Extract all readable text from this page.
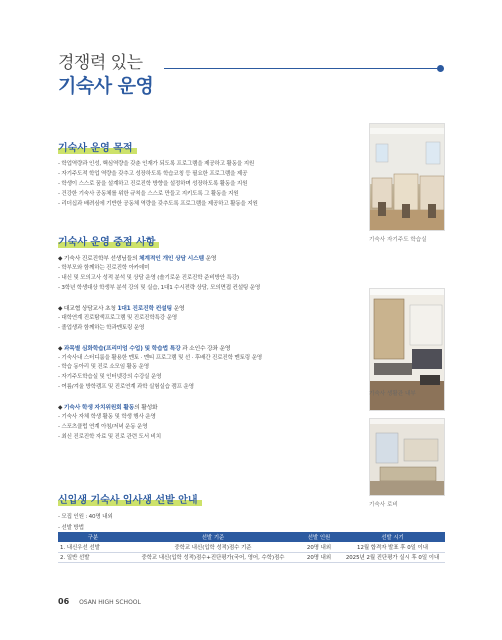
경쟁력 있는
기숙사 운영
기숙사 운영 목적
- 학업역량과 인성, 핵심역량을 갖춘 인재가 되도록 프로그램을 제공하고 활동을 지원
- 자기주도적 학업 역량을 갖추고 성장하도록 학습코칭 등 필요한 프로그램을 제공
- 학생이 스스로 꿈을 설계하고 진로진학 방향을 설정하며 성장하도록 활동을 지원
- 건강한 기숙사 공동체를 위한 규칙을 스스로 만들고 지키도록 그 활동을 지원
- 리더십과 배려심에 기반한 공동체 역량을 갖추도록 프로그램을 제공하고 활동을 지원
기숙사 운영 중점 사항
◆ 기숙사 진로진학부 선생님들의 체계적인 개인 상담 시스템 운영
- 학부모와 함께하는 진로진학 아카데미
- 내신 및 모의고사 성적 분석 및 상담 운영 (솔기로운 진로진학 준비방안 특강)
- 3학년 학생대상 학생부 분석 강의 및 실습, 1대1 수시전략 상담, 모의면접 컨설팅 운영
◆ 대교협 상담교사 초청 1대1 진로진학 컨설팅 운영
- 대학연계 진로탐색프로그램 및 진로진학특강 운영
- 졸업생과 함께하는 학과멘토링 운영
◆ 과목별 심화학습(프리미엄 수업) 및 학습법 특강 과 소인수 강좌 운영
- 기숙사내 스터디룸을 활용한 멘토 · 멘티 프로그램 및 선 · 후배간 진로진학 멘토링 운영
- 학습 동아리 및 진로 소모임 활동 운영
- 자기주도학습실 및 인터넷강의 수강실 운영
- 여름/겨울 방학캠프 및 진로연계 과학 실험실습 캠프 운영
◆ 기숙사 학생 자치위원회 활동의 활성화
- 기숙사 자체 학생 활동 및 학생 행사 운영
- 스포츠클럽 연계 아침/저녁 운동 운영
- 최신 진로진학 자료 및 진로 관련 도서 비치
신입생 기숙사 입사생 선발 안내
- 모집 인원 : 40명 내외
- 선발 방법
구분	선발 기준	선발 인원	선발 시기
1. 내신우선 선발	중학교 내신(입학 성적)점수 기준	20명 내외	12월 합격자 발표 후 0일 이내
2. 일반 선발	중학교 내신(입학 성적)점수+진단평가(국어, 영어, 수학)점수	20명 내외	2025년 2월 진단평가 실시 후 0일 이내
기숙사 자기주도 학습실
기숙사 생활관 내부
기숙사 로비
06 OSAN HIGH SCHOOL
